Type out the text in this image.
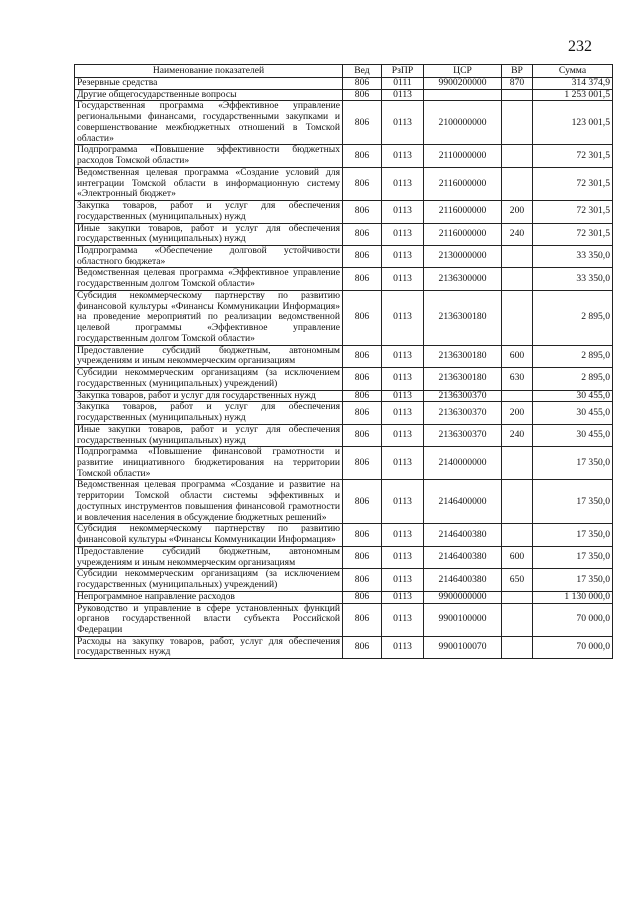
232
Наименование показателей	Вед	РзПР	ЦСР	ВР	Сумма
Резервные средства	806	0111	9900200000	870	314 374,9
Другие общегосударственные вопросы	806	0113			1 253 001,5
Государственная программа «Эффективное управление региональными финансами, государственными закупками и совершенствование межбюджетных отношений в Томской области»	806	0113	2100000000		123 001,5
Подпрограмма «Повышение эффективности бюджетных расходов Томской области»	806	0113	2110000000		72 301,5
Ведомственная целевая программа «Создание условий для интеграции Томской области в информационную систему «Электронный бюджет»	806	0113	2116000000		72 301,5
Закупка товаров, работ и услуг для обеспечения государственных (муниципальных) нужд	806	0113	2116000000	200	72 301,5
Иные закупки товаров, работ и услуг для обеспечения государственных (муниципальных) нужд	806	0113	2116000000	240	72 301,5
Подпрограмма «Обеспечение долговой устойчивости областного бюджета»	806	0113	2130000000		33 350,0
Ведомственная целевая программа «Эффективное управление государственным долгом Томской области»	806	0113	2136300000		33 350,0
Субсидия некоммерческому партнерству по развитию финансовой культуры «Финансы Коммуникации Информация» на проведение мероприятий по реализации ведомственной целевой программы «Эффективное управление государственным долгом Томской области»	806	0113	2136300180		2 895,0
Предоставление субсидий бюджетным, автономным учреждениям и иным некоммерческим организациям	806	0113	2136300180	600	2 895,0
Субсидии некоммерческим организациям (за исключением государственных (муниципальных) учреждений)	806	0113	2136300180	630	2 895,0
Закупка товаров, работ и услуг для государственных нужд	806	0113	2136300370		30 455,0
Закупка товаров, работ и услуг для обеспечения государственных (муниципальных) нужд	806	0113	2136300370	200	30 455,0
Иные закупки товаров, работ и услуг для обеспечения государственных (муниципальных) нужд	806	0113	2136300370	240	30 455,0
Подпрограмма «Повышение финансовой грамотности и развитие инициативного бюджетирования на территории Томской области»	806	0113	2140000000		17 350,0
Ведомственная целевая программа «Создание и развитие на территории Томской области системы эффективных и доступных инструментов повышения финансовой грамотности и вовлечения населения в обсуждение бюджетных решений»	806	0113	2146400000		17 350,0
Субсидия некоммерческому партнерству по развитию финансовой культуры «Финансы Коммуникации Информация»	806	0113	2146400380		17 350,0
Предоставление субсидий бюджетным, автономным учреждениям и иным некоммерческим организациям	806	0113	2146400380	600	17 350,0
Субсидии некоммерческим организациям (за исключением государственных (муниципальных) учреждений)	806	0113	2146400380	650	17 350,0
Непрограммное направление расходов	806	0113	9900000000		1 130 000,0
Руководство и управление в сфере установленных функций органов государственной власти субъекта Российской Федерации	806	0113	9900100000		70 000,0
Расходы на закупку товаров, работ, услуг для обеспечения государственных нужд	806	0113	9900100070		70 000,0
